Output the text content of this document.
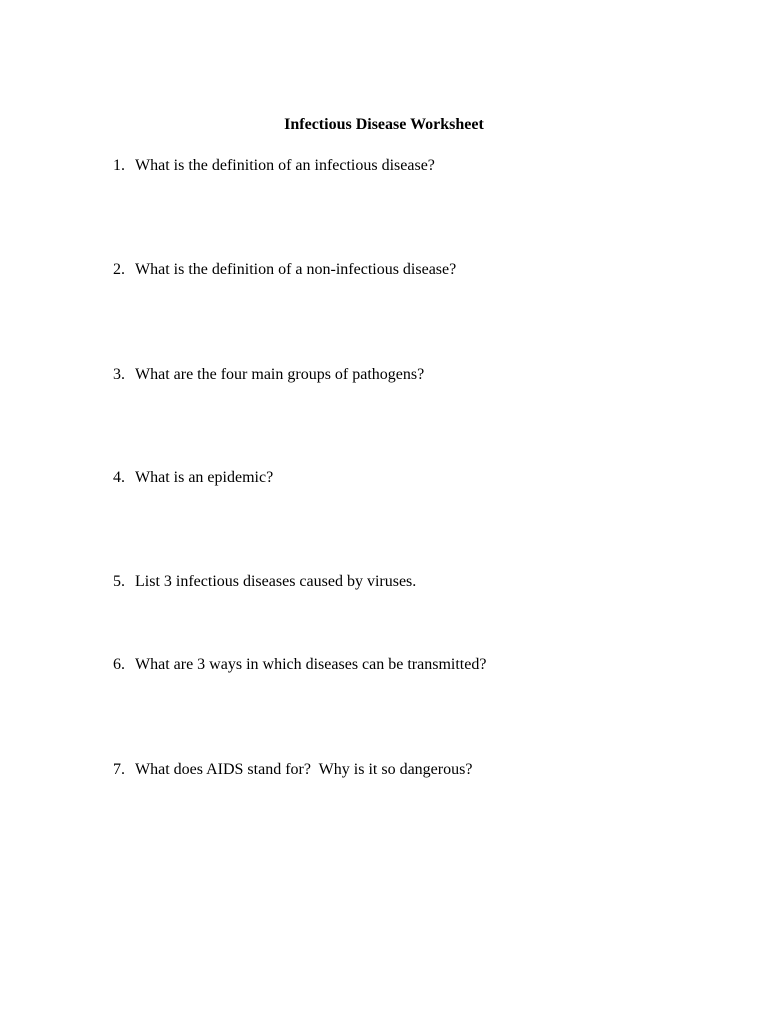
Infectious Disease Worksheet
1. What is the definition of an infectious disease?
2. What is the definition of a non-infectious disease?
3. What are the four main groups of pathogens?
4. What is an epidemic?
5. List 3 infectious diseases caused by viruses.
6. What are 3 ways in which diseases can be transmitted?
7. What does AIDS stand for?  Why is it so dangerous?
